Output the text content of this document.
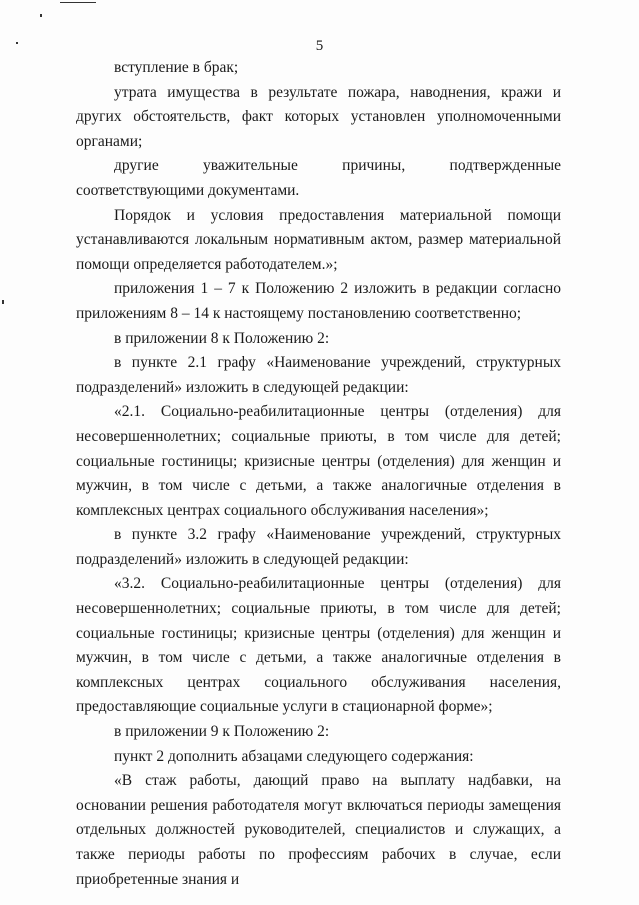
5

вступление в брак;

утрата имущества в результате пожара, наводнения, кражи и других обстоятельств, факт которых установлен уполномоченными органами;

другие уважительные причины, подтвержденные соответствующими документами.

Порядок и условия предоставления материальной помощи устанавливаются локальным нормативным актом, размер материальной помощи определяется работодателем.»;

приложения 1 – 7 к Положению 2 изложить в редакции согласно приложениям 8 – 14 к настоящему постановлению соответственно;

в приложении 8 к Положению 2:

в пункте 2.1 графу «Наименование учреждений, структурных подразделений» изложить в следующей редакции:

«2.1. Социально-реабилитационные центры (отделения) для несовершеннолетних; социальные приюты, в том числе для детей; социальные гостиницы; кризисные центры (отделения) для женщин и мужчин, в том числе с детьми, а также аналогичные отделения в комплексных центрах социального обслуживания населения»;

в пункте 3.2 графу «Наименование учреждений, структурных подразделений» изложить в следующей редакции:

«3.2. Социально-реабилитационные центры (отделения) для несовершеннолетних; социальные приюты, в том числе для детей; социальные гостиницы; кризисные центры (отделения) для женщин и мужчин, в том числе с детьми, а также аналогичные отделения в комплексных центрах социального обслуживания населения, предоставляющие социальные услуги в стационарной форме»;

в приложении 9 к Положению 2:

пункт 2 дополнить абзацами следующего содержания:

«В стаж работы, дающий право на выплату надбавки, на основании решения работодателя могут включаться периоды замещения отдельных должностей руководителей, специалистов и служащих, а также периоды работы по профессиям рабочих в случае, если приобретенные знания и
